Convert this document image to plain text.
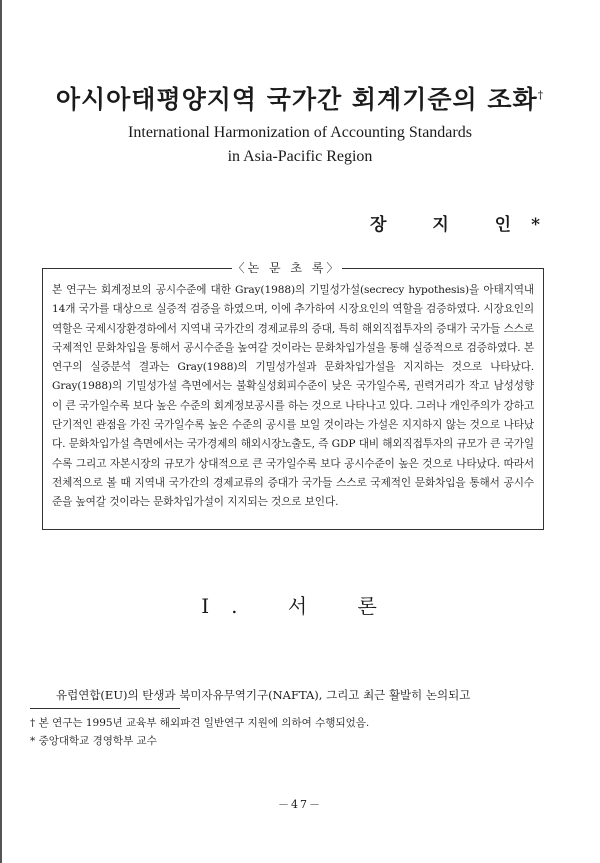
아시아태평양지역 국가간 회계기준의 조화†
International Harmonization of Accounting Standards
in Asia-Pacific Region
장 지 인*
〈논 문 초 록〉
본 연구는 회계정보의 공시수준에 대한 Gray(1988)의 기밀성가설(secrecy hypothesis)을 아태지역내 14개 국가를 대상으로 실증적 검증을 하였으며, 이에 추가하여 시장요인의 역할을 검증하였다. 시장요인의 역할은 국제시장환경하에서 지역내 국가간의 경제교류의 증대, 특히 해외직접투자의 증대가 국가들 스스로 국제적인 문화차입을 통해서 공시수준을 높여갈 것이라는 문화차입가설을 통해 실증적으로 검증하였다. 본 연구의 실증분석 결과는 Gray(1988)의 기밀성가설과 문화차입가설을 지지하는 것으로 나타났다. Gray(1988)의 기밀성가설 측면에서는 불확실성회피수준이 낮은 국가일수록, 권력거리가 작고 남성성향이 큰 국가일수록 보다 높은 수준의 회계정보공시를 하는 것으로 나타나고 있다. 그러나 개인주의가 강하고 단기적인 관점을 가진 국가일수록 높은 수준의 공시를 보일 것이라는 가설은 지지하지 않는 것으로 나타났다. 문화차입가설 측면에서는 국가경제의 해외시장노출도, 즉 GDP 대비 해외직접투자의 규모가 큰 국가일수록 그리고 자본시장의 규모가 상대적으로 큰 국가일수록 보다 공시수준이 높은 것으로 나타났다. 따라서 전체적으로 볼 때 지역내 국가간의 경제교류의 증대가 국가들 스스로 국제적인 문화차입을 통해서 공시수준을 높여갈 것이라는 문화차입가설이 지지되는 것으로 보인다.
Ⅰ. 서 론
유럽연합(EU)의 탄생과 북미자유무역기구(NAFTA), 그리고 최근 활발히 논의되고
† 본 연구는 1995년 교육부 해외파견 일반연구 지원에 의하여 수행되었음.
* 중앙대학교 경영학부 교수
－47－
